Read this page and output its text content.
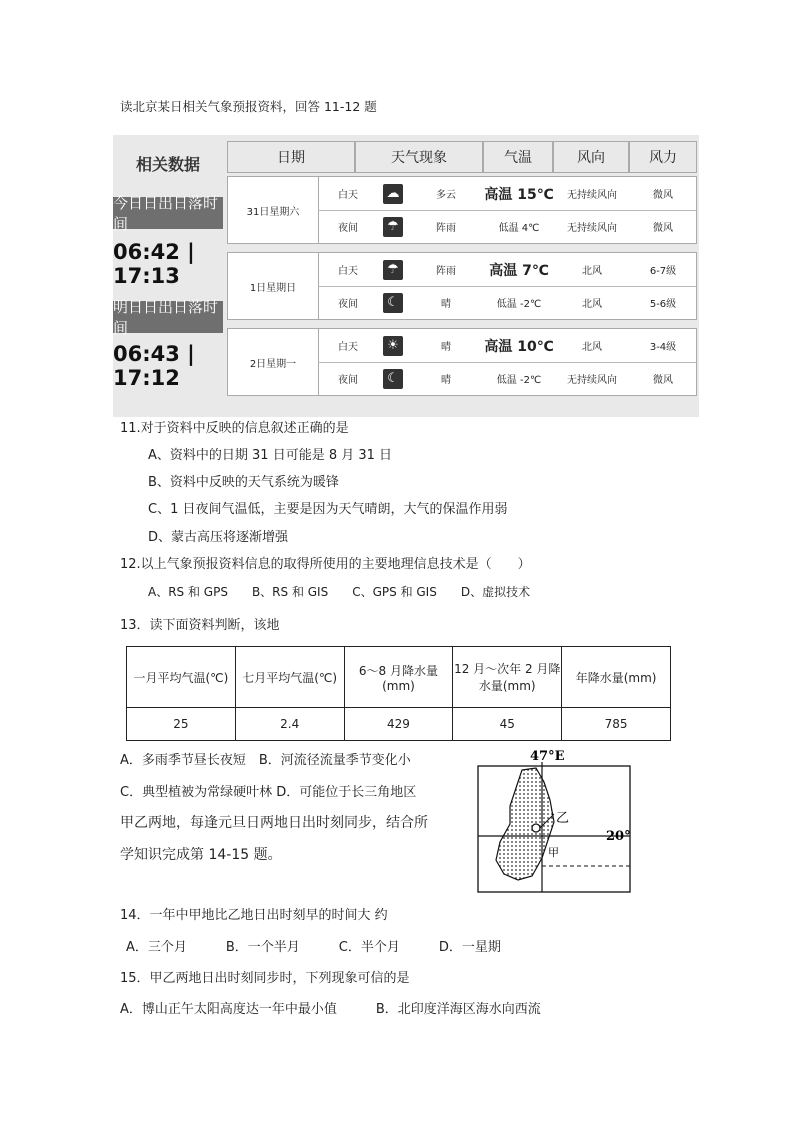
读北京某日相关气象预报资料，回答 11-12 题
相关数据
今日日出日落时间
06:42 | 17:13
明日日出日落时间
06:43 | 17:12
日期	天气现象	气温	风向	风力
31日星期六
白天	☁	多云	高温 15℃	无持续风向	微风
夜间	☂	阵雨	低温 4℃	无持续风向	微风
1日星期日
白天	☂	阵雨	高温 7℃	北风	6-7级
夜间	☾	晴	低温 -2℃	北风	5-6级
2日星期一
白天	☀	晴	高温 10℃	北风	3-4级
夜间	☾	晴	低温 -2℃	无持续风向	微风
11.对于资料中反映的信息叙述正确的是
A、资料中的日期 31 日可能是 8 月 31 日
B、资料中反映的天气系统为暖锋
C、1 日夜间气温低，主要是因为天气晴朗，大气的保温作用弱
D、蒙古高压将逐渐增强
12.以上气象预报资料信息的取得所使用的主要地理信息技术是（　　）
A、RS 和 GPS　　B、RS 和 GIS　　C、GPS 和 GIS　　D、虚拟技术
13．读下面资料判断，该地
一月平均气温(℃)	七月平均气温(℃)	6～8 月降水量(mm)	12 月～次年 2 月降水量(mm)	年降水量(mm)
25	2.4	429	45	785
A．多雨季节昼长夜短　B．河流径流量季节变化小
C．典型植被为常绿硬叶林 D．可能位于长三角地区
甲乙两地，每逢元旦日两地日出时刻同步，结合所
学知识完成第 14-15 题。
47°E
20°
乙
甲
14．一年中甲地比乙地日出时刻早的时间大 约
A．三个月　　　B．一个半月　　　C．半个月　　　D．一星期
15．甲乙两地日出时刻同步时，下列现象可信的是
A．博山正午太阳高度达一年中最小值　　　B．北印度洋海区海水向西流
